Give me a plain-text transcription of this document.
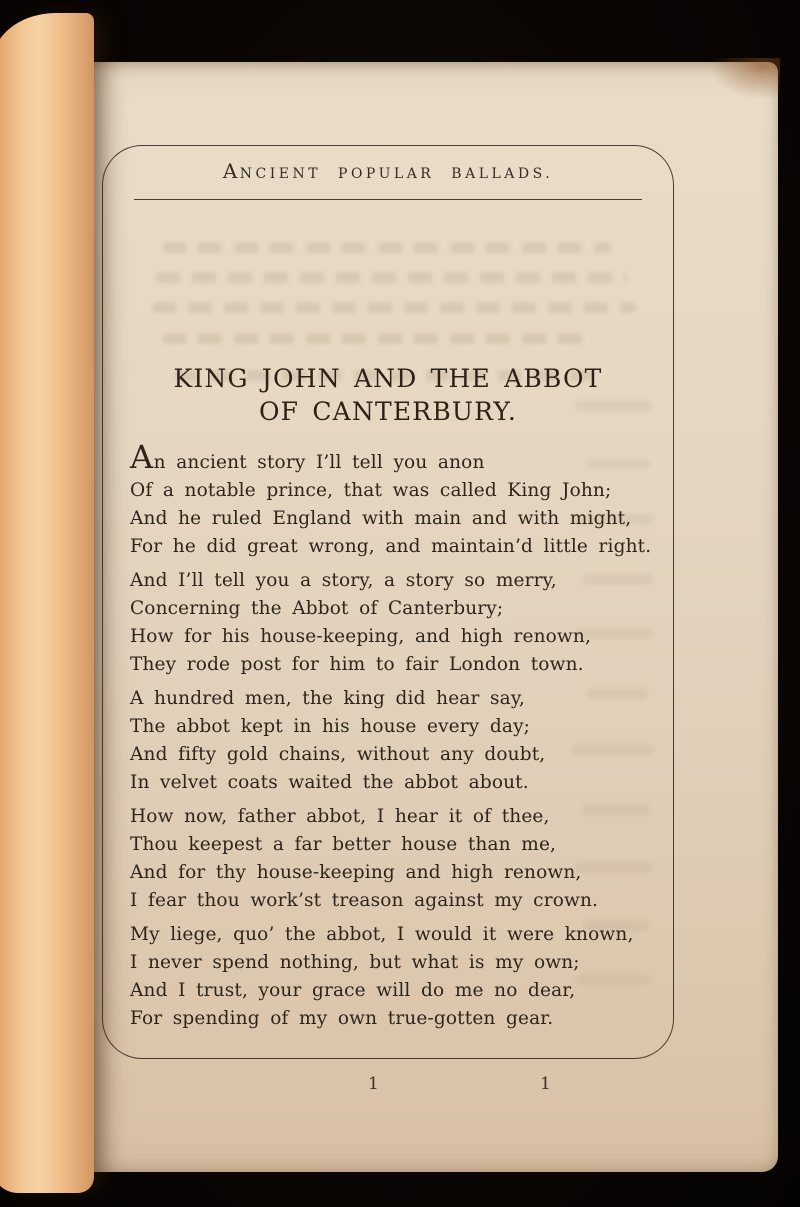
ANCIENT POPULAR BALLADS.
KING JOHN AND THE ABBOT
OF CANTERBURY.
An ancient story I’ll tell you anon
Of a notable prince, that was called King John;
And he ruled England with main and with might,
For he did great wrong, and maintain’d little right.
And I’ll tell you a story, a story so merry,
Concerning the Abbot of Canterbury;
How for his house-keeping, and high renown,
They rode post for him to fair London town.
A hundred men, the king did hear say,
The abbot kept in his house every day;
And fifty gold chains, without any doubt,
In velvet coats waited the abbot about.
How now, father abbot, I hear it of thee,
Thou keepest a far better house than me,
And for thy house-keeping and high renown,
I fear thou work’st treason against my crown.
My liege, quo’ the abbot, I would it were known,
I never spend nothing, but what is my own;
And I trust, your grace will do me no dear,
For spending of my own true-gotten gear.
1	1
